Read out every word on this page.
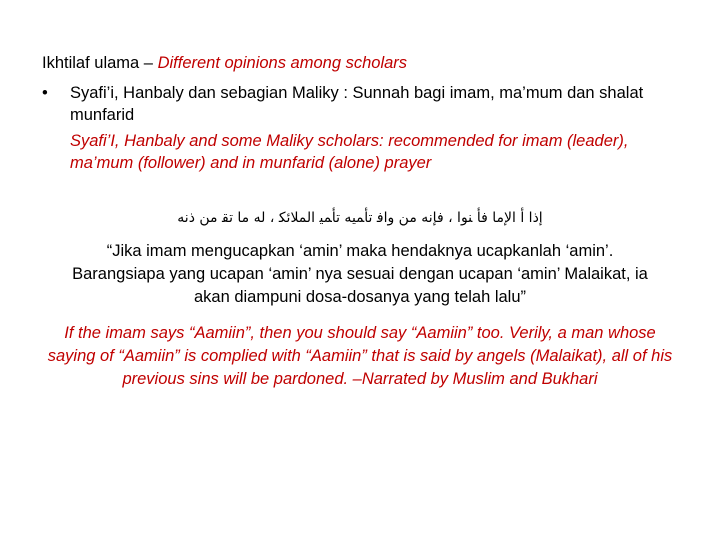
Ikhtilaf ulama – Different opinions among scholars
•	Syafi’i, Hanbaly dan sebagian Maliky : Sunnah bagi imam, ma’mum dan shalat munfarid
Syafi’I, Hanbaly and some Maliky scholars: recommended for imam (leader), ma’mum (follower) and in munfarid (alone) prayer
ﺇﺫﺍ ﺃ ﺍﻹﻣﺎ ﻓﺄ ﻨﻮﺍ ، ﻓﺈﻧﻪ ﻣﻦ ﻭﺍﻓ ﺗﺄﻤﻴﻪ ﺗﺄﻤﻴ ﺍﻟﻤﻼﺋﻜ ، ﻟﻪ ﻣﺎ ﺗﻘ ﻣﻦ ﺫﻧﻪ
“Jika imam mengucapkan ‘amin’ maka hendaknya ucapkanlah ‘amin’. Barangsiapa yang ucapan ‘amin’ nya sesuai dengan ucapan ‘amin’ Malaikat, ia akan diampuni dosa-dosanya yang telah lalu”
If the imam says “Aamiin”, then you should say “Aamiin” too. Verily, a man whose saying of “Aamiin” is complied with “Aamiin” that is said by angels (Malaikat), all of his previous sins will be pardoned. –Narrated by Muslim and Bukhari
